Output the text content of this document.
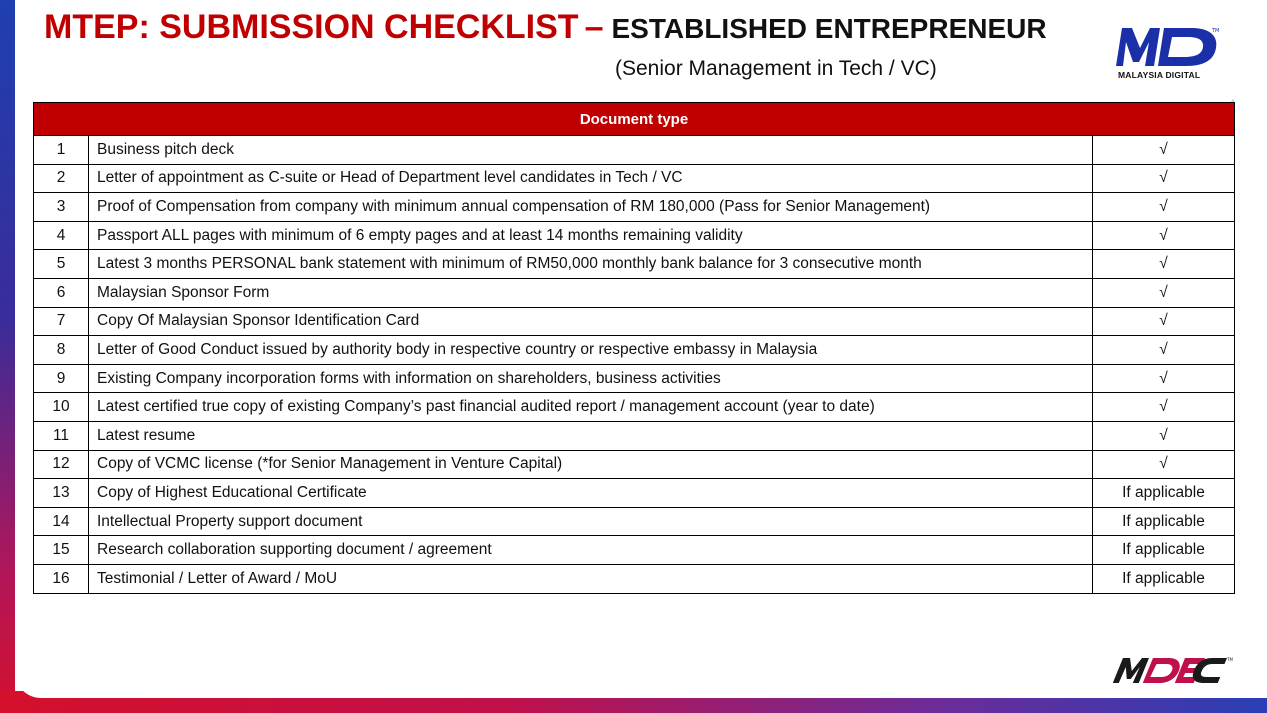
MTEP: SUBMISSION CHECKLIST – ESTABLISHED ENTREPRENEUR

(Senior Management in Tech / VC)

TM
MALAYSIA DIGITAL
Document type		
1	Business pitch deck	√
2	Letter of appointment as C-suite or Head of Department level candidates in Tech / VC	√
3	Proof of Compensation from company with minimum annual compensation of RM 180,000 (Pass for Senior Management)	√
4	Passport ALL pages with minimum of 6 empty pages and at least 14 months remaining validity	√
5	Latest 3 months PERSONAL bank statement with minimum of RM50,000 monthly bank balance for 3 consecutive month	√
6	Malaysian Sponsor Form	√
7	Copy Of Malaysian Sponsor Identification Card	√
8	Letter of Good Conduct issued by authority body in respective country or respective embassy in Malaysia	√
9	Existing Company incorporation forms with information on shareholders, business activities	√
10	Latest certified true copy of existing Company’s past financial audited report / management account (year to date)	√
11	Latest resume	√
12	Copy of VCMC license (*for Senior Management in Venture Capital)	√
13	Copy of Highest Educational Certificate	If applicable
14	Intellectual Property support document	If applicable
15	Research collaboration supporting document / agreement	If applicable
16	Testimonial / Letter of Award / MoU	If applicable
TM
